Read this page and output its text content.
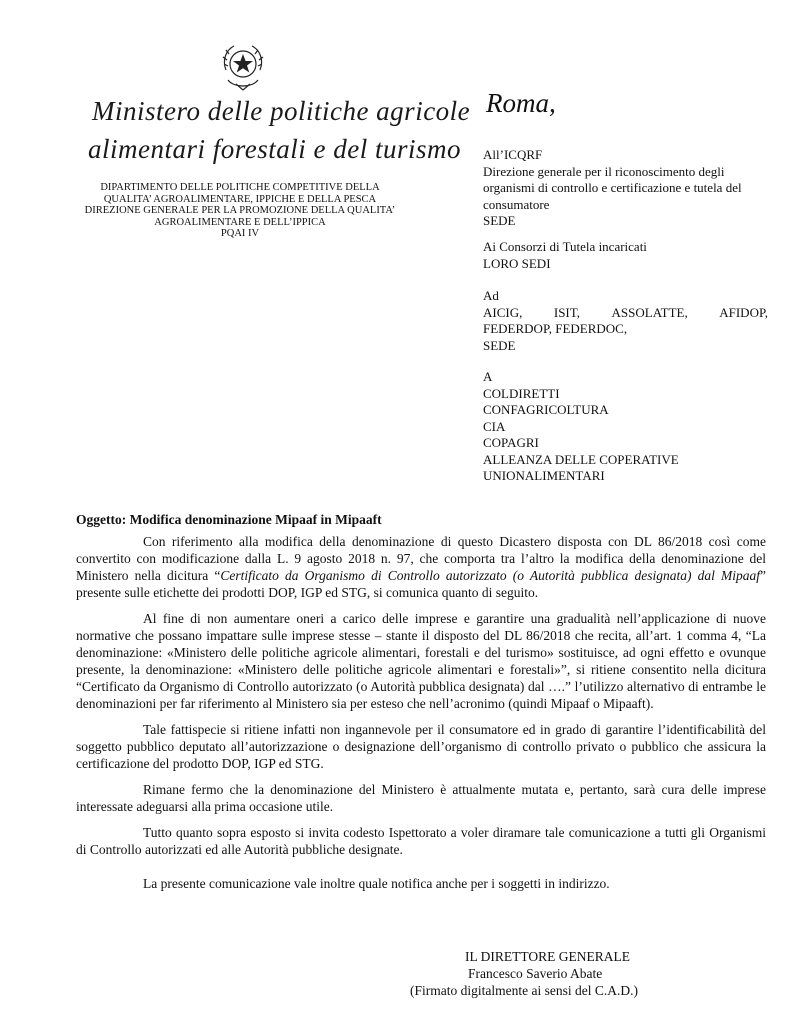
Ministero delle politiche agricole
alimentari forestali e del turismo
DIPARTIMENTO DELLE POLITICHE COMPETITIVE DELLA
QUALITA’ AGROALIMENTARE, IPPICHE E DELLA PESCA
DIREZIONE GENERALE PER LA PROMOZIONE DELLA QUALITA’
AGROALIMENTARE E DELL’IPPICA
PQAI IV
Roma,
All’ICQRF
Direzione generale per il riconoscimento degli
organismi di controllo e certificazione e tutela del
consumatore
SEDE
Ai Consorzi di Tutela incaricati
LORO SEDI
Ad
AICIG, ISIT, ASSOLATTE, AFIDOP,
FEDERDOP, FEDERDOC,
SEDE
A
COLDIRETTI
CONFAGRICOLTURA
CIA
COPAGRI
ALLEANZA DELLE COPERATIVE
UNIONALIMENTARI
Oggetto: Modifica denominazione Mipaaf in Mipaaft

Con riferimento alla modifica della denominazione di questo Dicastero disposta con DL 86/2018 così come convertito con modificazione dalla L. 9 agosto 2018 n. 97, che comporta tra l’altro la modifica della denominazione del Ministero nella dicitura “Certificato da Organismo di Controllo autorizzato (o Autorità pubblica designata) dal Mipaaf” presente sulle etichette dei prodotti DOP, IGP ed STG, si comunica quanto di seguito.

Al fine di non aumentare oneri a carico delle imprese e garantire una gradualità nell’applicazione di nuove normative che possano impattare sulle imprese stesse – stante il disposto del DL 86/2018 che recita, all’art. 1 comma 4, “La denominazione: «Ministero delle politiche agricole alimentari, forestali e del turismo» sostituisce, ad ogni effetto e ovunque presente, la denominazione: «Ministero delle politiche agricole alimentari e forestali»”, si ritiene consentito nella dicitura “Certificato da Organismo di Controllo autorizzato (o Autorità pubblica designata) dal ….” l’utilizzo alternativo di entrambe le denominazioni per far riferimento al Ministero sia per esteso che nell’acronimo (quindi Mipaaf o Mipaaft).

Tale fattispecie si ritiene infatti non ingannevole per il consumatore ed in grado di garantire l’identificabilità del soggetto pubblico deputato all’autorizzazione o designazione dell’organismo di controllo privato o pubblico che assicura la certificazione del prodotto DOP, IGP ed STG.

Rimane fermo che la denominazione del Ministero è attualmente mutata e, pertanto, sarà cura delle imprese interessate adeguarsi alla prima occasione utile.

Tutto quanto sopra esposto si invita codesto Ispettorato a voler diramare tale comunicazione a tutti gli Organismi di Controllo autorizzati ed alle Autorità pubbliche designate.

La presente comunicazione vale inoltre quale notifica anche per i soggetti in indirizzo.

IL DIRETTORE GENERALE
Francesco Saverio Abate
(Firmato digitalmente ai sensi del C.A.D.)
